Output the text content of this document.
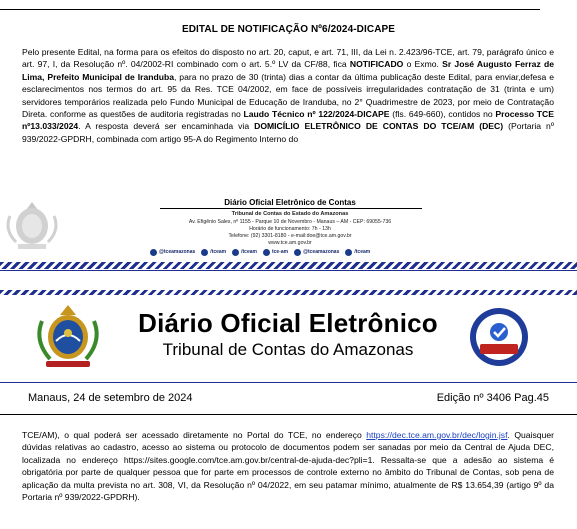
EDITAL DE NOTIFICAÇÃO Nº6/2024-DICAPE
Pelo presente Edital, na forma para os efeitos do disposto no art. 20, caput, e art. 71, III, da Lei n. 2.423/96-TCE, art. 79, parágrafo único e art. 97, I, da Resolução nº. 04/2002-RI combinado com o art. 5.º LV da CF/88, fica NOTIFICADO o Exmo. Sr José Augusto Ferraz de Lima, Prefeito Municipal de Iranduba, para no prazo de 30 (trinta) dias a contar da última publicação deste Edital, para enviar,defesa e esclarecimentos nos termos do art. 95 da Res. TCE 04/2002, em face de possíveis irregularidades contratação de 31 (trinta e um) servidores temporários realizada pelo Fundo Municipal de Educação de Iranduba, no 2° Quadrimestre de 2023, por meio de Contratação Direta. conforme as questões de auditoria registradas no Laudo Técnico nº 122/2024-DICAPE (fls. 649-660), contidos no Processo TCE nº13.033/2024. A resposta deverá ser encaminhada via DOMICÍLIO ELETRÔNICO DE CONTAS DO TCE/AM (DEC) (Portaria nº 939/2022-GPDRH, combinada com artigo 95-A do Regimento Interno do
Diário Oficial Eletrônico de Contas
Tribunal de Contas do Estado do Amazonas
Av. Efigênio Sales, nº 1155 - Parque 10 de Novembro - Manaus – AM - CEP: 69055-736
Horário de funcionamento: 7h - 13h
Telefone: (92) 3301-8180 - e-mail:doe@tce.am.gov.br
www.tce.am.gov.br
@tceamazonas	/tceam	/tceam	tce-am	@tceamazonas	/tceam
Diário Oficial Eletrônico
Tribunal de Contas do Amazonas
Manaus, 24 de setembro de 2024	Edição nº 3406 Pag.45
TCE/AM), o qual poderá ser acessado diretamente no Portal do TCE, no endereço https://dec.tce.am.gov.br/dec/login.jsf. Quaisquer dúvidas relativas ao cadastro, acesso ao sistema ou protocolo de documentos podem ser sanadas por meio da Central de Ajuda DEC, localizada no endereço https://sites.google.com/tce.am.gov.br/central-de-ajuda-dec?pli=1. Ressalta-se que a adesão ao sistema é obrigatória por parte de qualquer pessoa que for parte em processos de controle externo no âmbito do Tribunal de Contas, sob pena de aplicação da multa prevista no art. 308, VI, da Resolução nº 04/2022, em seu patamar mínimo, atualmente de R$ 13.654,39 (artigo 9º da Portaria nº 939/2022-GPDRH).
